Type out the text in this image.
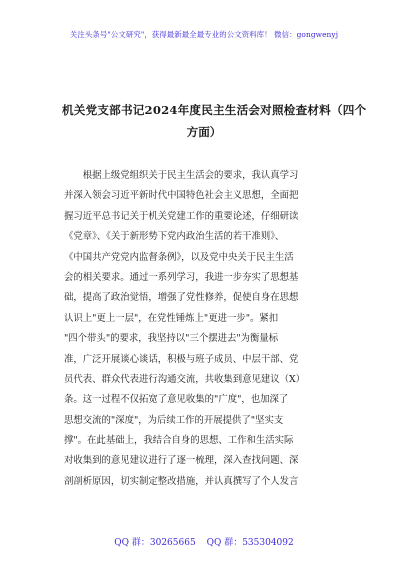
关注头条号"公文研究"，获得最新最全最专业的公文资料库！ 微信：gongwenyj
机关党支部书记2024年度民主生活会对照检查材料（四个
方面）
　　根据上级党组织关于民主生活会的要求，我认真学习
并深入领会习近平新时代中国特色社会主义思想，全面把
握习近平总书记关于机关党建工作的重要论述，仔细研读
《党章》、《关于新形势下党内政治生活的若干准则》、
《中国共产党党内监督条例》，以及党中央关于民主生活
会的相关要求。通过一系列学习，我进一步夯实了思想基
础，提高了政治觉悟，增强了党性修养，促使自身在思想
认识上"更上一层"，在党性锤炼上"更进一步"。紧扣
"四个带头"的要求，我坚持以"三个摆进去"为衡量标
准，广泛开展谈心谈话，积极与班子成员、中层干部、党
员代表、群众代表进行沟通交流，共收集到意见建议（X）
条。这一过程不仅拓宽了意见收集的"广度"，也加深了
思想交流的"深度"，为后续工作的开展提供了"坚实支
撑"。在此基础上，我结合自身的思想、工作和生活实际
对收集到的意见建议进行了逐一梳理，深入查找问题、深
剖剖析原因，切实制定整改措施，并认真撰写了个人发言
QQ 群：30265665 QQ 群：535304092
